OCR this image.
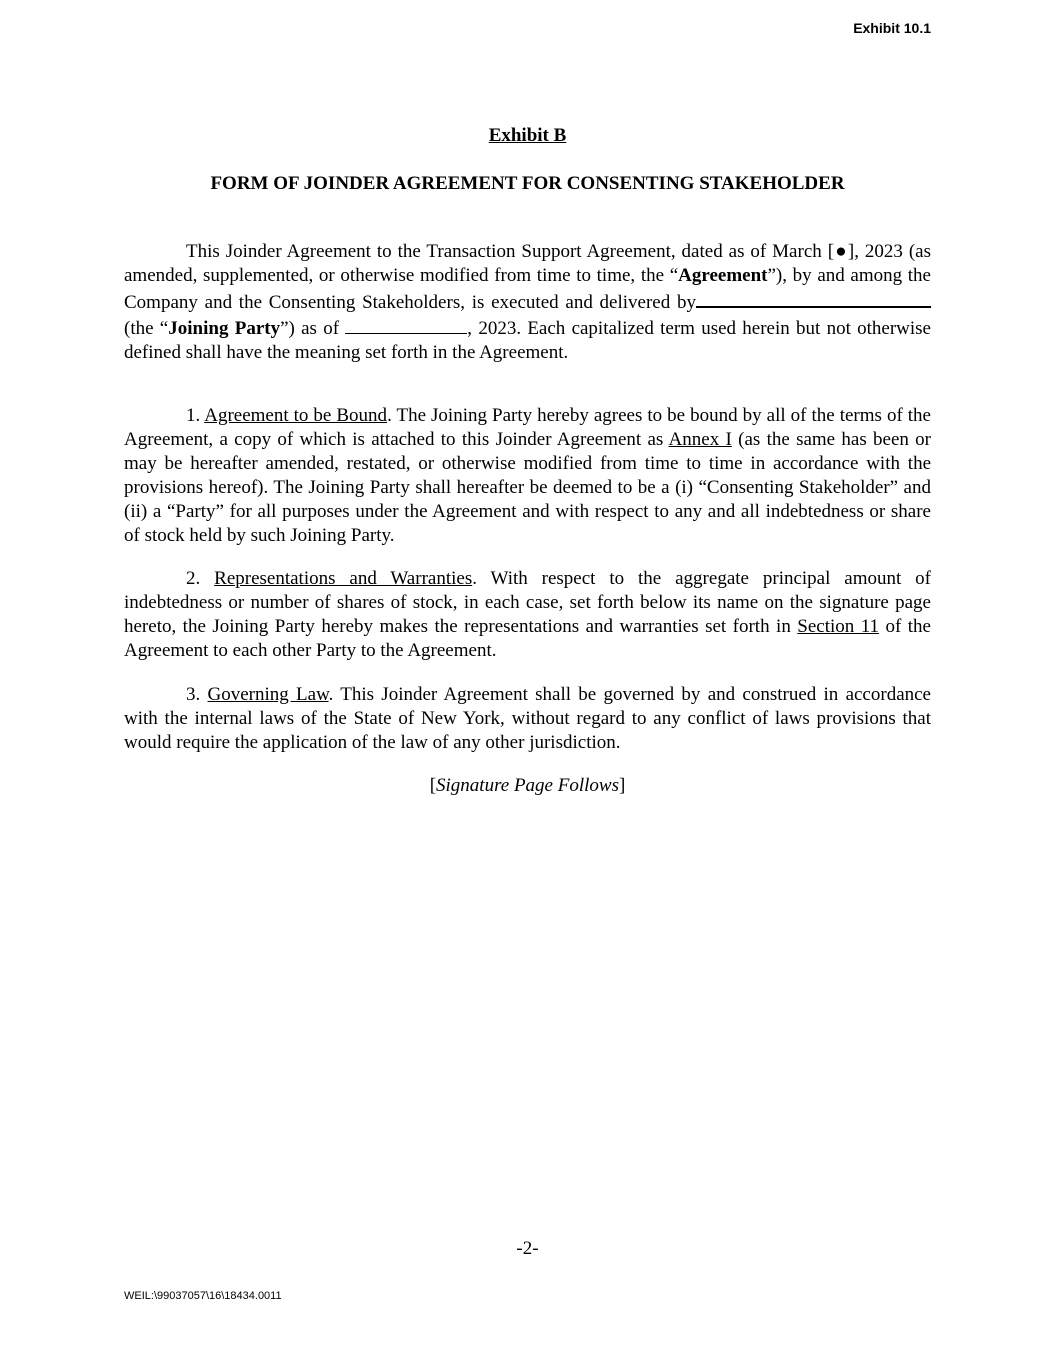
Exhibit 10.1
Exhibit B
FORM OF JOINDER AGREEMENT FOR CONSENTING STAKEHOLDER

This Joinder Agreement to the Transaction Support Agreement, dated as of March [●], 2023 (as amended, supplemented, or otherwise modified from time to time, the “Agreement”), by and among the Company and the Consenting Stakeholders, is executed and delivered by (the “Joining Party”) as of	, 2023. Each capitalized term used herein but not otherwise defined shall have the meaning set forth in the Agreement.

1. Agreement to be Bound. The Joining Party hereby agrees to be bound by all of the terms of the Agreement, a copy of which is attached to this Joinder Agreement as Annex I (as the same has been or may be hereafter amended, restated, or otherwise modified from time to time in accordance with the provisions hereof). The Joining Party shall hereafter be deemed to be a (i) “Consenting Stakeholder” and (ii) a “Party” for all purposes under the Agreement and with respect to any and all indebtedness or share of stock held by such Joining Party.

2. Representations and Warranties. With respect to the aggregate principal amount of indebtedness or number of shares of stock, in each case, set forth below its name on the signature page hereto, the Joining Party hereby makes the representations and warranties set forth in Section 11 of the Agreement to each other Party to the Agreement.

3. Governing Law. This Joinder Agreement shall be governed by and construed in accordance with the internal laws of the State of New York, without regard to any conflict of laws provisions that would require the application of the law of any other jurisdiction.

[Signature Page Follows]
-2-
WEIL:\99037057\16\18434.0011
